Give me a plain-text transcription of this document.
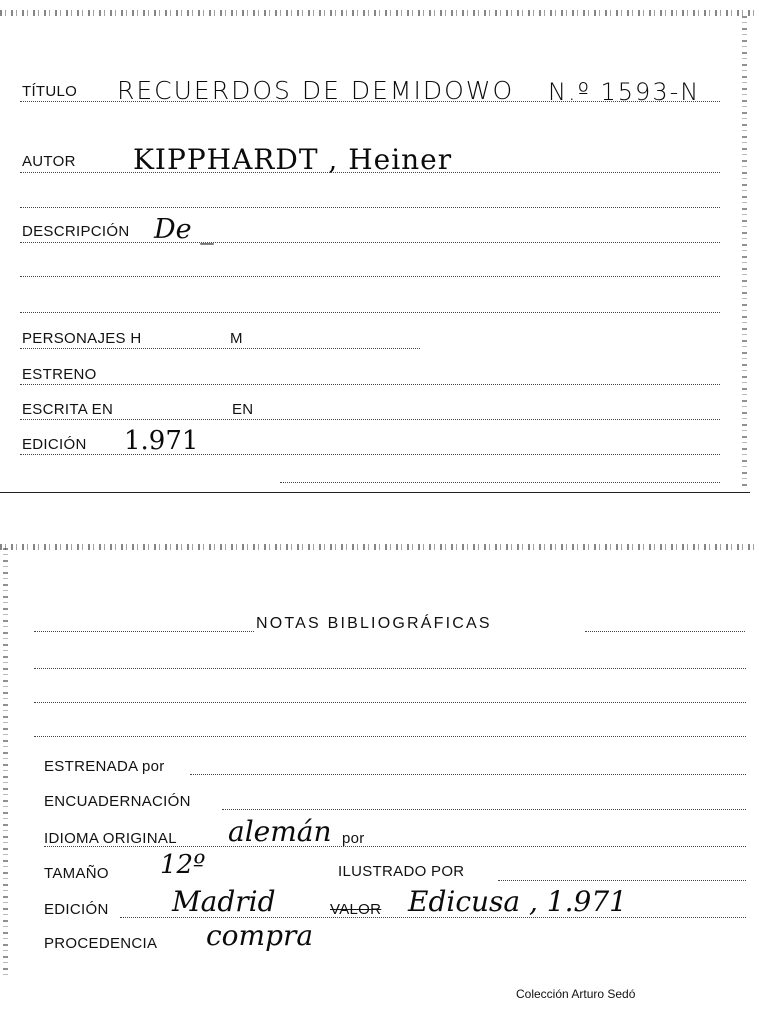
TÍTULO RECUERDOS DE DEMIDOWO N.º 1593-N
AUTOR KIPPHARDT , Heiner
DESCRIPCIÓN De _
PERSONAJES H	M
ESTRENO
ESCRITA EN	EN
EDICIÓN 1.971
NOTAS BIBLIOGRÁFICAS
ESTRENADA por
ENCUADERNACIÓN
IDIOMA ORIGINAL alemán por
TAMAÑO 12º	ILUSTRADO POR
EDICIÓN Madrid	VALOR Edicusa , 1.971
PROCEDENCIA compra
Colección Arturo Sedó
